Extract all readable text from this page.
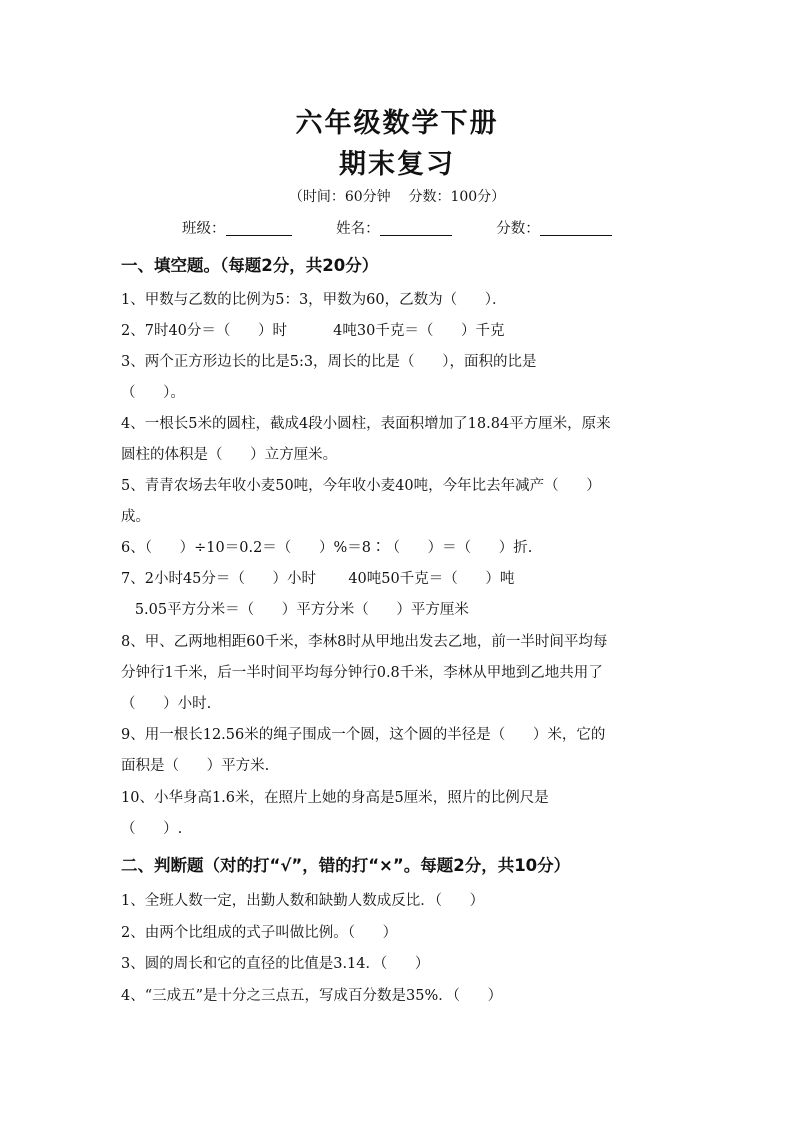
六年级数学下册
期末复习
（时间：60分钟    分数：100分）
班级：	姓名：	分数：
一、填空题。（每题2分，共20分）
1、甲数与乙数的比例为5：3，甲数为60，乙数为（      ）．
2、7时40分＝（      ）时          4吨30千克＝（      ）千克
3、两个正方形边长的比是5:3，周长的比是（      ），面积的比是
（      ）。
4、一根长5米的圆柱，截成4段小圆柱，表面积增加了18.84平方厘米，原来
圆柱的体积是（      ）立方厘米。
5、青青农场去年收小麦50吨，今年收小麦40吨，今年比去年减产（      ）
成。
6、（      ）÷10＝0.2＝（      ）%＝8∶（      ）＝（      ）折.
7、2小时45分＝（      ）小时       40吨50千克＝（      ）吨
5.05平方分米＝（      ）平方分米（      ）平方厘米
8、甲、乙两地相距60千米，李林8时从甲地出发去乙地，前一半时间平均每
分钟行1千米，后一半时间平均每分钟行0.8千米，李林从甲地到乙地共用了
（      ）小时.
9、用一根长12.56米的绳子围成一个圆，这个圆的半径是（      ）米，它的
面积是（      ）平方米.
10、小华身高1.6米，在照片上她的身高是5厘米，照片的比例尺是
（      ）.
二、判断题（对的打“√”，错的打“×”。每题2分，共10分）
1、全班人数一定，出勤人数和缺勤人数成反比．（      ）
2、由两个比组成的式子叫做比例。（      ）
3、圆的周长和它的直径的比值是3.14．（      ）
4、“三成五”是十分之三点五，写成百分数是35%．（      ）
